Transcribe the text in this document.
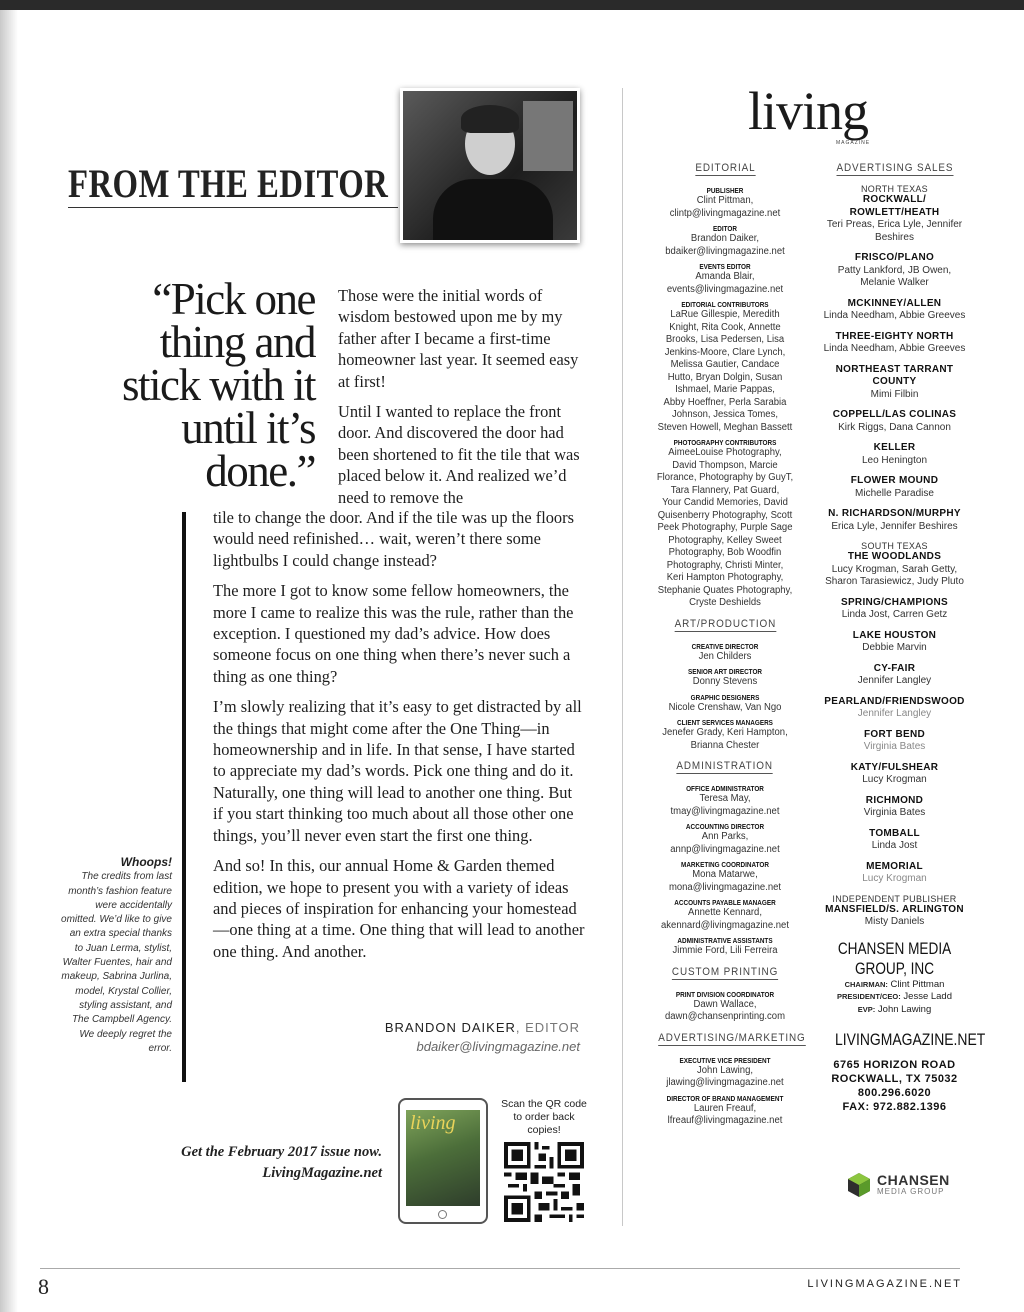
FROM THE EDITOR
“Pick one thing and stick with it until it’s done.”

Those were the initial words of wisdom bestowed upon me by my father after I became a first-time homeowner last year. It seemed easy at first!

Until I wanted to replace the front door. And discovered the door had been shortened to fit the tile that was placed below it. And realized we’d need to remove the

tile to change the door. And if the tile was up the floors would need refinished… wait, weren’t there some lightbulbs I could change instead?

The more I got to know some fellow homeowners, the more I came to realize this was the rule, rather than the exception. I questioned my dad’s advice. How does someone focus on one thing when there’s never such a thing as one thing?

I’m slowly realizing that it’s easy to get distracted by all the things that might come after the One Thing—in homeownership and in life. In that sense, I have started to appreciate my dad’s words. Pick one thing and do it. Naturally, one thing will lead to another one thing. But if you start thinking too much about all those other one things, you’ll never even start the first one thing.

And so! In this, our annual Home & Garden themed edition, we hope to present you with a variety of ideas and pieces of inspiration for enhancing your homestead—one thing at a time. One thing that will lead to another one thing. And another.

Whoops!
The credits from last month’s fashion feature were accidentally omitted. We’d like to give an extra special thanks to Juan Lerma, stylist, Walter Fuentes, hair and makeup, Sabrina Jurlina, model, Krystal Collier, styling assistant, and The Campbell Agency. We deeply regret the error.
BRANDON DAIKER, EDITOR
bdaiker@livingmagazine.net
Get the February 2017 issue now.
LivingMagazine.net
living
Scan the QR code to order back copies!
living
MAGAZINE
EDITORIAL

PUBLISHER
Clint Pittman,
clintp@livingmagazine.net
EDITOR
Brandon Daiker,
bdaiker@livingmagazine.net
EVENTS EDITOR
Amanda Blair,
events@livingmagazine.net
EDITORIAL CONTRIBUTORS
LaRue Gillespie, Meredith
Knight, Rita Cook, Annette
Brooks, Lisa Pedersen, Lisa
Jenkins-Moore, Clare Lynch,
Melissa Gautier, Candace
Hutto, Bryan Dolgin, Susan
Ishmael, Marie Pappas,
Abby Hoeffner, Perla Sarabia
Johnson, Jessica Tomes,
Steven Howell, Meghan Bassett
PHOTOGRAPHY CONTRIBUTORS
AimeeLouise Photography,
David Thompson, Marcie
Florance, Photography by GuyT,
Tara Flannery, Pat Guard,
Your Candid Memories, David
Quisenberry Photography, Scott
Peek Photography, Purple Sage
Photography, Kelley Sweet
Photography, Bob Woodfin
Photography, Christi Minter,
Keri Hampton Photography,
Stephanie Quates Photography,
Cryste Deshields
ART/PRODUCTION

CREATIVE DIRECTOR
Jen Childers
SENIOR ART DIRECTOR
Donny Stevens
GRAPHIC DESIGNERS
Nicole Crenshaw, Van Ngo
CLIENT SERVICES MANAGERS
Jenefer Grady, Keri Hampton,
Brianna Chester
ADMINISTRATION

OFFICE ADMINISTRATOR
Teresa May,
tmay@livingmagazine.net
ACCOUNTING DIRECTOR
Ann Parks,
annp@livingmagazine.net
MARKETING COORDINATOR
Mona Matarwe,
mona@livingmagazine.net
ACCOUNTS PAYABLE MANAGER
Annette Kennard,
akennard@livingmagazine.net
ADMINISTRATIVE ASSISTANTS
Jimmie Ford, Lili Ferreira
CUSTOM PRINTING

PRINT DIVISION COORDINATOR
Dawn Wallace,
dawn@chansenprinting.com
ADVERTISING/MARKETING

EXECUTIVE VICE PRESIDENT
John Lawing,
jlawing@livingmagazine.net
DIRECTOR OF BRAND MANAGEMENT
Lauren Freauf,
lfreauf@livingmagazine.net
ADVERTISING SALES
NORTH TEXAS
ROCKWALL/ ROWLETT/HEATH
Teri Preas, Erica Lyle, Jennifer Beshires
FRISCO/PLANO
Patty Lankford, JB Owen, Melanie Walker
MCKINNEY/ALLEN
Linda Needham, Abbie Greeves
THREE-EIGHTY NORTH
Linda Needham, Abbie Greeves
NORTHEAST TARRANT COUNTY
Mimi Filbin
COPPELL/LAS COLINAS
Kirk Riggs, Dana Cannon
KELLER
Leo Henington
FLOWER MOUND
Michelle Paradise
N. RICHARDSON/MURPHY
Erica Lyle, Jennifer Beshires
SOUTH TEXAS
THE WOODLANDS
Lucy Krogman, Sarah Getty, Sharon Tarasiewicz, Judy Pluto
SPRING/CHAMPIONS
Linda Jost, Carren Getz
LAKE HOUSTON
Debbie Marvin
CY-FAIR
Jennifer Langley
PEARLAND/FRIENDSWOOD
Jennifer Langley
FORT BEND
Virginia Bates
KATY/FULSHEAR
Lucy Krogman
RICHMOND
Virginia Bates
TOMBALL
Linda Jost
MEMORIAL
Lucy Krogman
INDEPENDENT PUBLISHER
MANSFIELD/S. ARLINGTON
Misty Daniels
CHANSEN MEDIA GROUP, INC
CHAIRMAN: Clint Pittman
PRESIDENT/CEO: Jesse Ladd
EVP: John Lawing
LIVINGMAGAZINE.NET
6765 HORIZON ROAD
ROCKWALL, TX 75032
800.296.6020
FAX: 972.882.1396
CHANSEN
MEDIA GROUP
8	LIVINGMAGAZINE.NET
